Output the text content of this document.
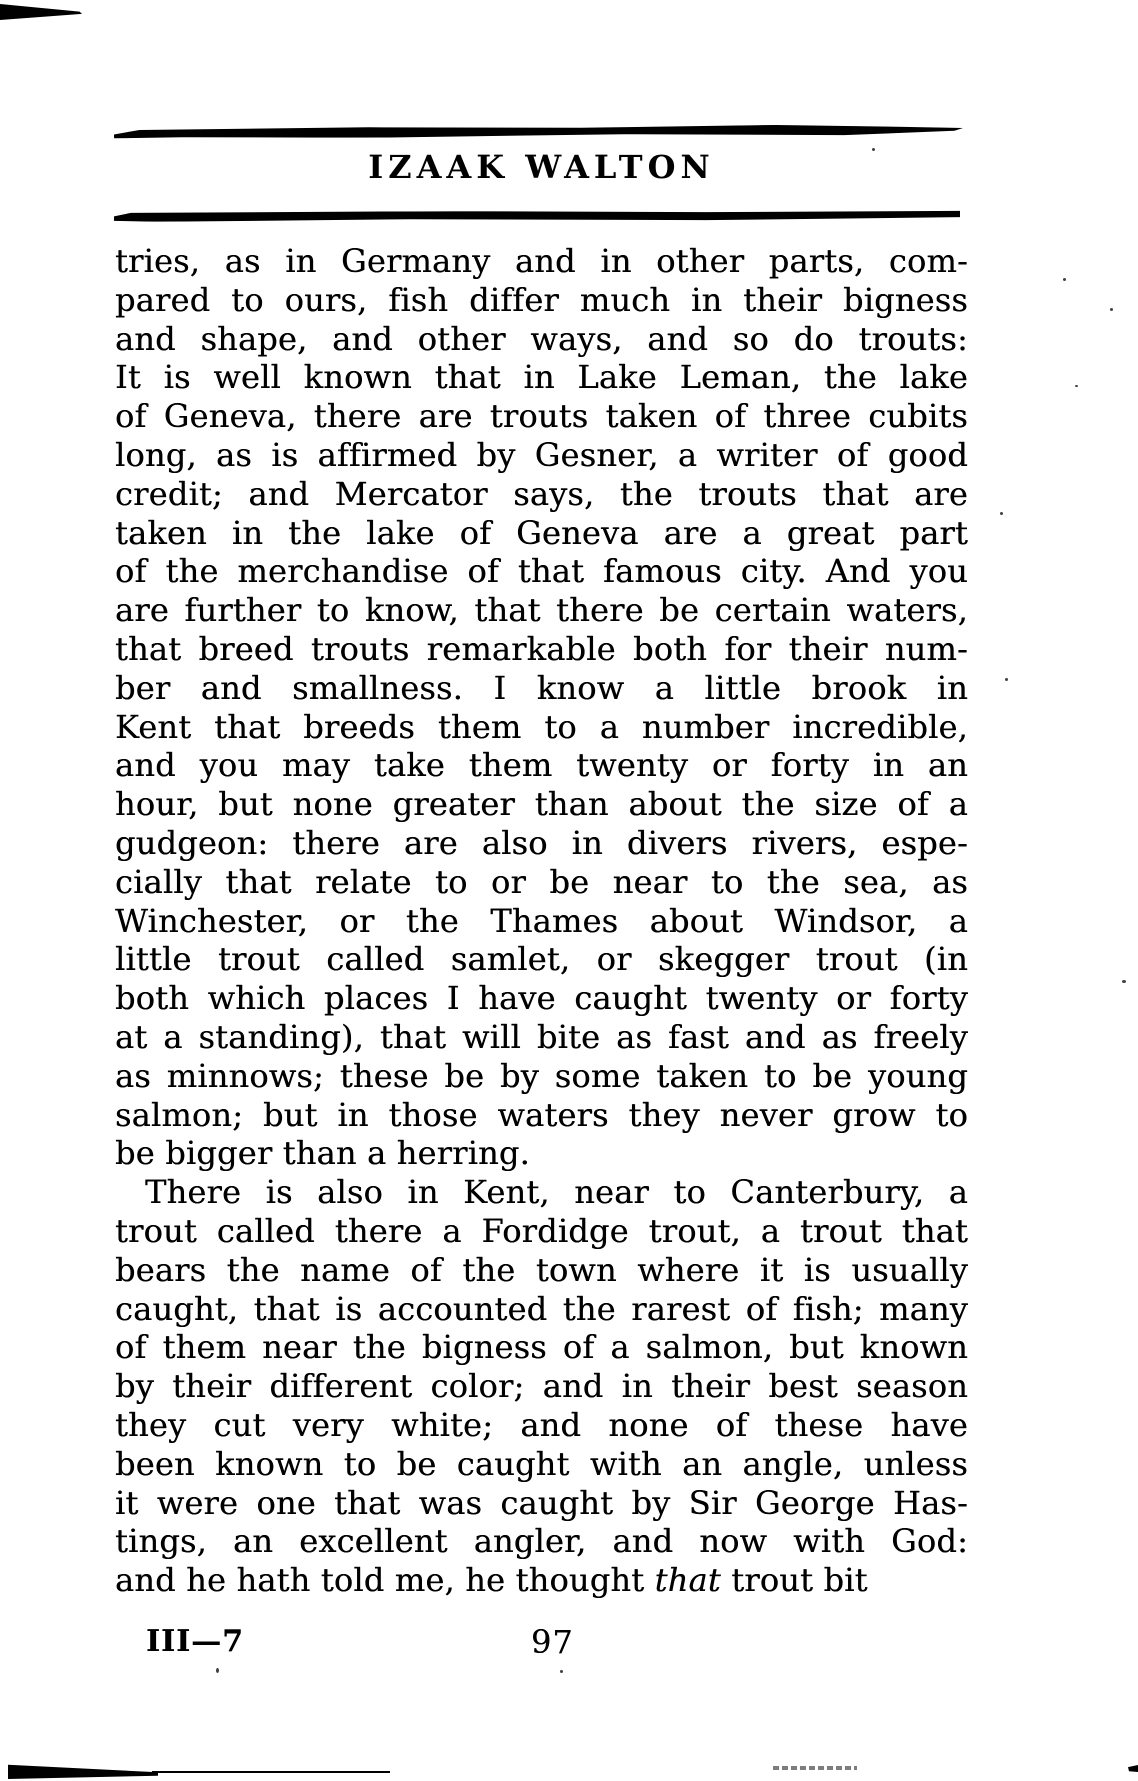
IZAAK WALTON
tries, as in Germany and in other parts, com-
pared to ours, fish differ much in their bigness
and shape, and other ways, and so do trouts:
It is well known that in Lake Leman, the lake
of Geneva, there are trouts taken of three cubits
long, as is affirmed by Gesner, a writer of good
credit; and Mercator says, the trouts that are
taken in the lake of Geneva are a great part
of the merchandise of that famous city. And you
are further to know, that there be certain waters,
that breed trouts remarkable both for their num-
ber and smallness. I know a little brook in
Kent that breeds them to a number incredible,
and you may take them twenty or forty in an
hour, but none greater than about the size of a
gudgeon: there are also in divers rivers, espe-
cially that relate to or be near to the sea, as
Winchester, or the Thames about Windsor, a
little trout called samlet, or skegger trout (in
both which places I have caught twenty or forty
at a standing), that will bite as fast and as freely
as minnows; these be by some taken to be young
salmon; but in those waters they never grow to
be bigger than a herring.
There is also in Kent, near to Canterbury, a
trout called there a Fordidge trout, a trout that
bears the name of the town where it is usually
caught, that is accounted the rarest of fish; many
of them near the bigness of a salmon, but known
by their different color; and in their best season
they cut very white; and none of these have
been known to be caught with an angle, unless
it were one that was caught by Sir George Has-
tings, an excellent angler, and now with God:
and he hath told me, he thought that trout bit
III—7	97
